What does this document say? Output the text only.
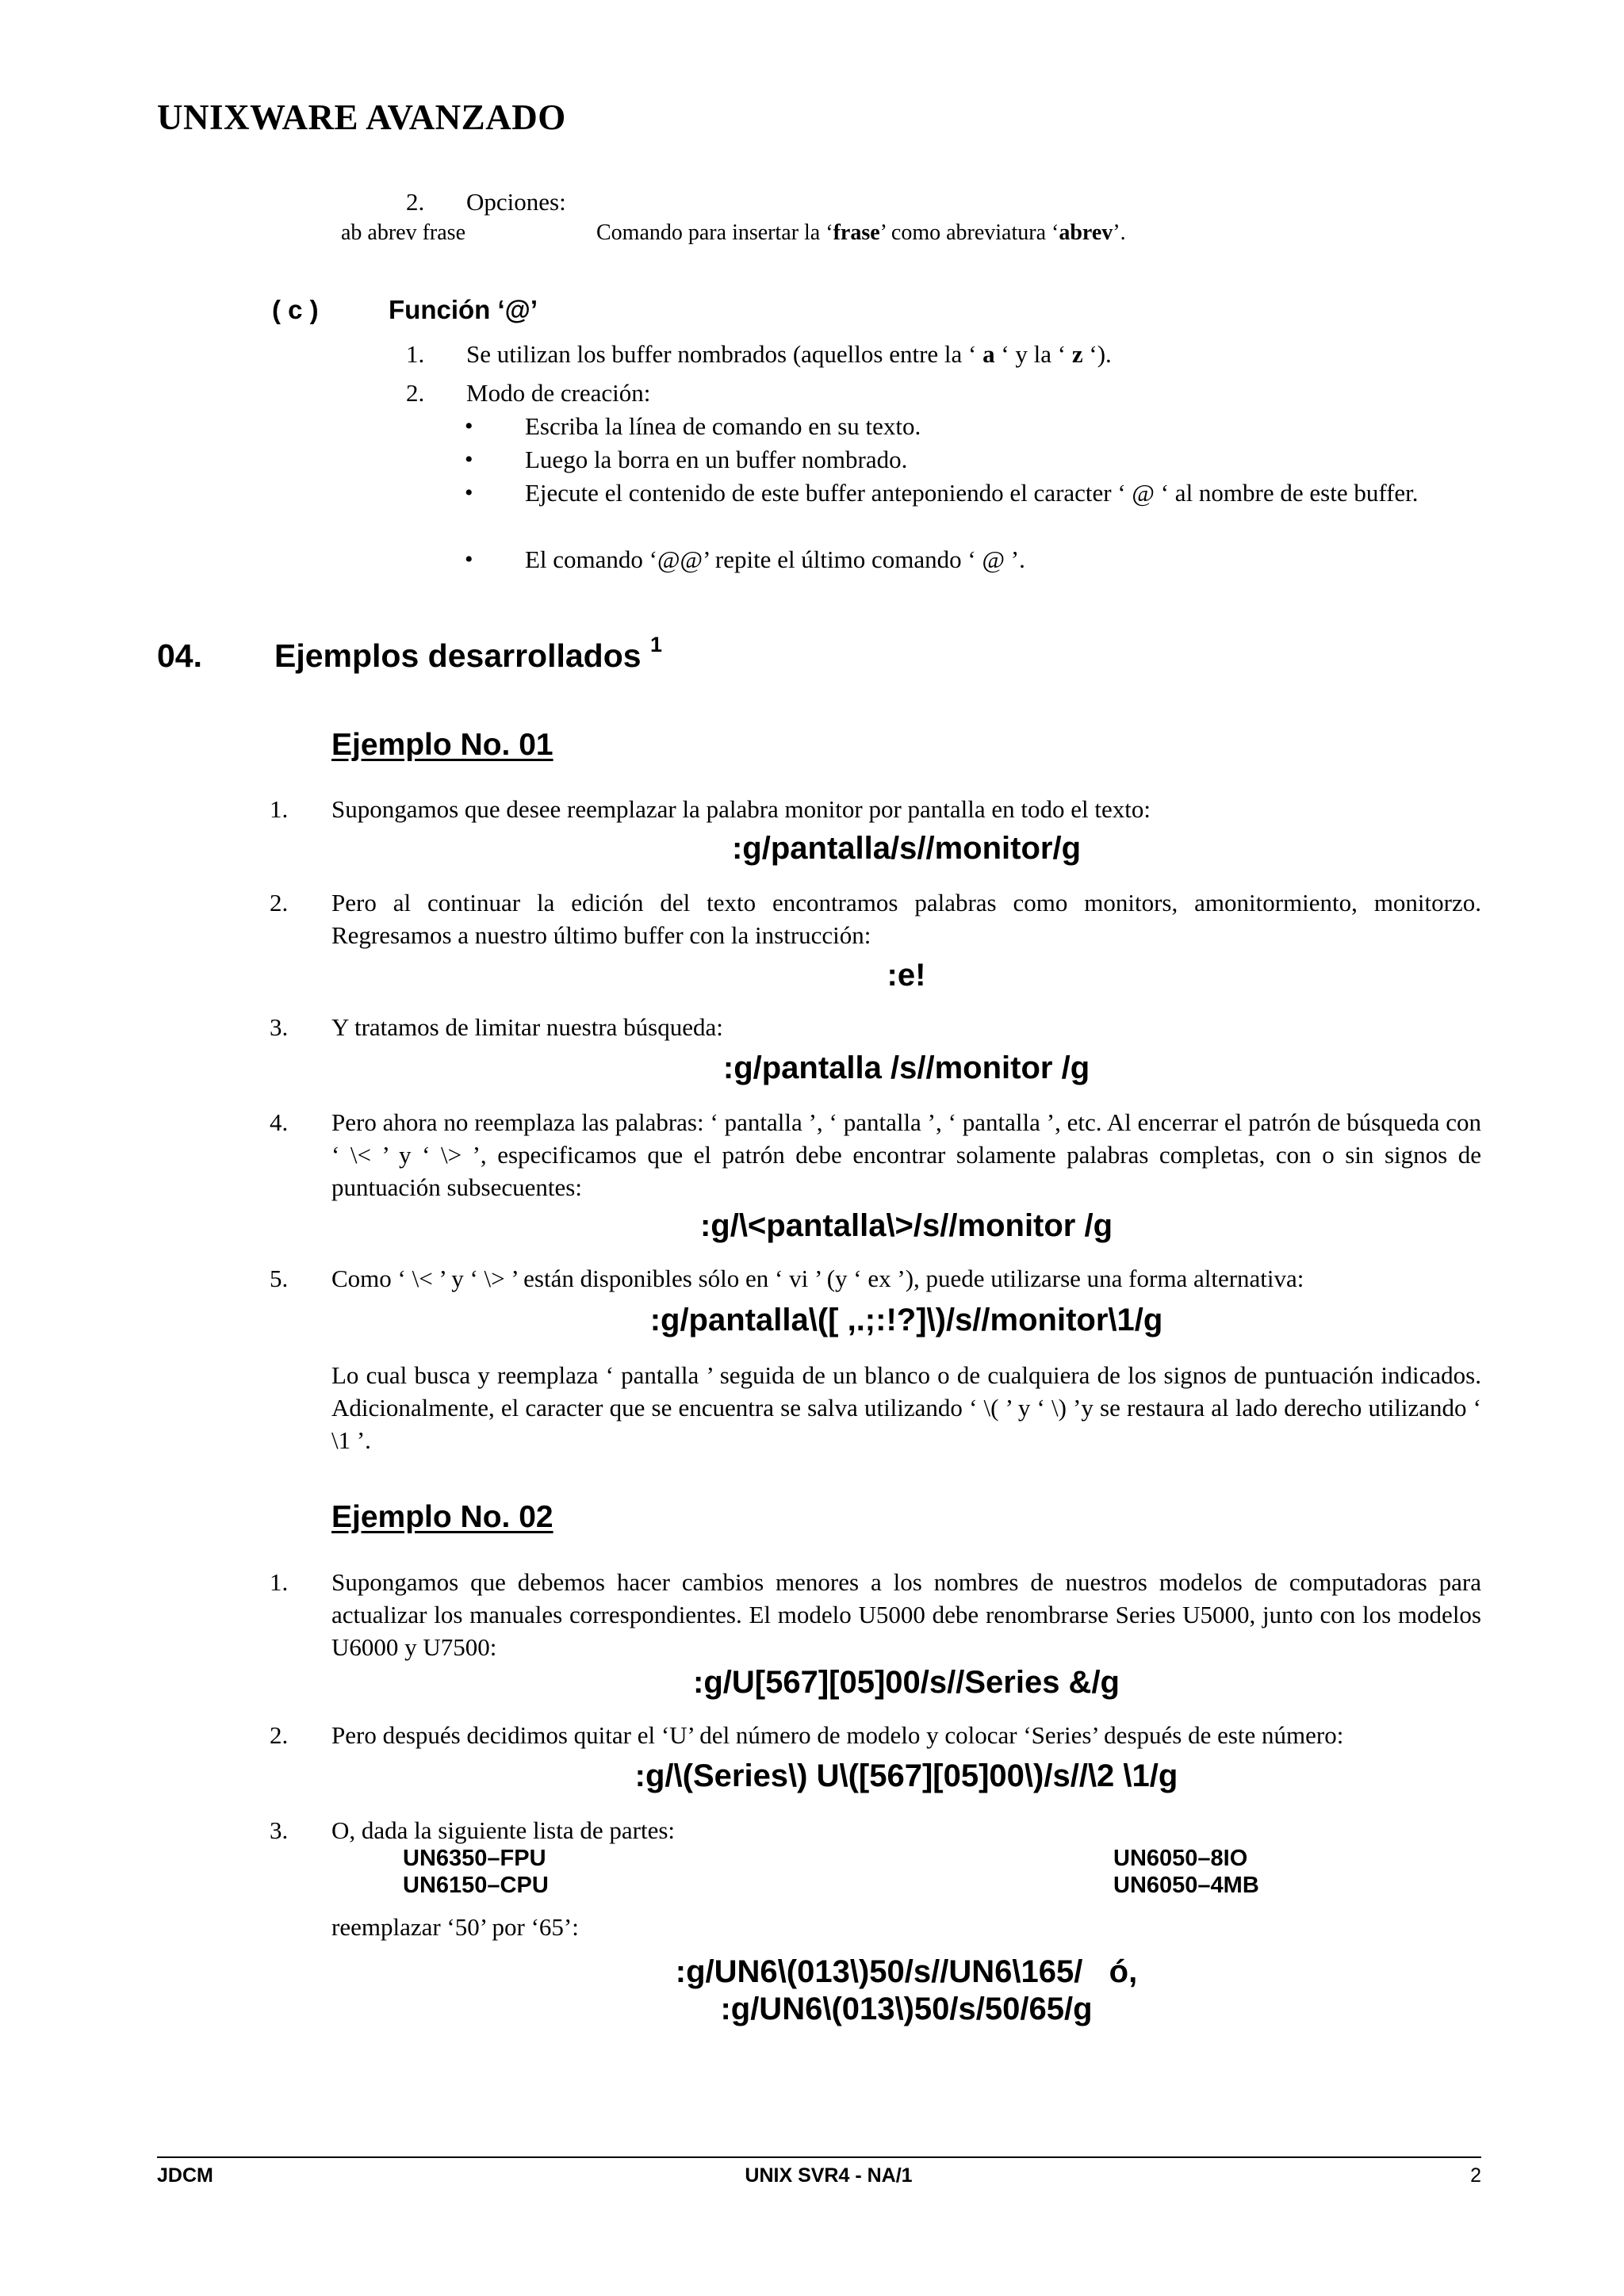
UNIXWARE AVANZADO
2. Opciones:
ab abrev frase	Comando para insertar la ‘frase’ como abreviatura ‘abrev’.
( c )	Función ‘@’
1.	Se utilizan los buffer nombrados (aquellos entre la ‘ a ‘ y la ‘ z ‘).
2.	Modo de creación:
• Escriba la línea de comando en su texto.
• Luego la borra en un buffer nombrado.
• Ejecute el contenido de este buffer anteponiendo el caracter ‘ @ ‘ al nombre de este buffer.
• El comando ‘@@’ repite el último comando ‘ @ ’.
04. Ejemplos desarrollados $^1$
Ejemplo No. 01
1. Supongamos que desee reemplazar la palabra monitor por pantalla en todo el texto:
:g/pantalla/s//monitor/g
2. Pero al continuar la edición del texto encontramos palabras como monitors, amonitormiento, monitorzo. Regresamos a nuestro último buffer con la instrucción:
:e!
3. Y tratamos de limitar nuestra búsqueda:
:g/pantalla /s//monitor /g
4. Pero ahora no reemplaza las palabras: ‘ pantalla ’, ‘ pantalla ’, ‘ pantalla ’, etc. Al encerrar el patrón de búsqueda con ‘ \< ’ y ‘ \> ’, especificamos que el patrón debe encontrar solamente palabras completas, con o sin signos de puntuación subsecuentes:
:g/\<pantalla\>/s//monitor /g
5. Como ‘ \< ’ y ‘ \> ’ están disponibles sólo en ‘ vi ’ (y ‘ ex ’), puede utilizarse una forma alternativa:
:g/pantalla\([ ,.;:!?]\)/s//monitor\1/g
Lo cual busca y reemplaza ‘ pantalla ’ seguida de un blanco o de cualquiera de los signos de puntuación indicados. Adicionalmente, el caracter que se encuentra se salva utilizando ‘ \( ’ y ‘ \) ’y se restaura al lado derecho utilizando ‘ \1 ’.
Ejemplo No. 02
1. Supongamos que debemos hacer cambios menores a los nombres de nuestros modelos de computadoras para actualizar los manuales correspondientes. El modelo U5000 debe renombrarse Series U5000, junto con los modelos U6000 y U7500:
:g/U[567][05]00/s//Series &/g
2. Pero después decidimos quitar el ‘U’ del número de modelo y colocar ‘Series’ después de este número:
:g/\(Series\) U\([567][05]00\)/s//\2 \1/g
3. O, dada la siguiente lista de partes:
UN6350–FPU	UN6050–8IO
UN6150–CPU	UN6050–4MB
reemplazar ‘50’ por ‘65’:
:g/UN6\(013\)50/s//UN6\165/   ó,
:g/UN6\(013\)50/s/50/65/g
JDCM	UNIX SVR4 - NA/1	2
